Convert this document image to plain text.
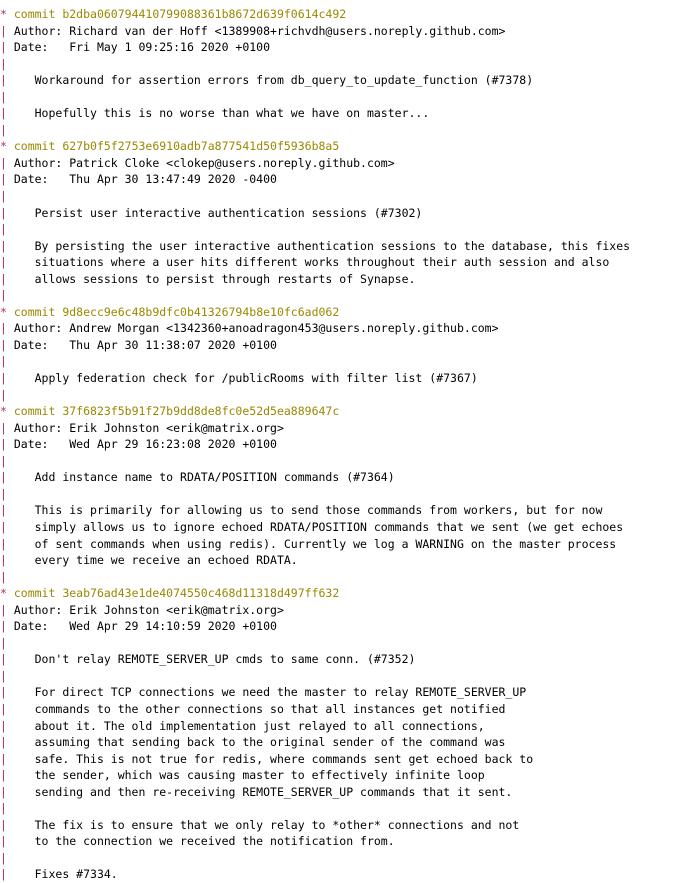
* commit b2dba060794410799088361b8672d639f0614c492
| Author: Richard van der Hoff <1389908+richvdh@users.noreply.github.com>
| Date:   Fri May 1 09:25:16 2020 +0100
|
|    Workaround for assertion errors from db_query_to_update_function (#7378)
|
|    Hopefully this is no worse than what we have on master...
|
* commit 627b0f5f2753e6910adb7a877541d50f5936b8a5
| Author: Patrick Cloke <clokep@users.noreply.github.com>
| Date:   Thu Apr 30 13:47:49 2020 -0400
|
|    Persist user interactive authentication sessions (#7302)
|
|    By persisting the user interactive authentication sessions to the database, this fixes
|    situations where a user hits different works throughout their auth session and also
|    allows sessions to persist through restarts of Synapse.
|
* commit 9d8ecc9e6c48b9dfc0b41326794b8e10fc6ad062
| Author: Andrew Morgan <1342360+anoadragon453@users.noreply.github.com>
| Date:   Thu Apr 30 11:38:07 2020 +0100
|
|    Apply federation check for /publicRooms with filter list (#7367)
|
* commit 37f6823f5b91f27b9dd8de8fc0e52d5ea889647c
| Author: Erik Johnston <erik@matrix.org>
| Date:   Wed Apr 29 16:23:08 2020 +0100
|
|    Add instance name to RDATA/POSITION commands (#7364)
|
|    This is primarily for allowing us to send those commands from workers, but for now
|    simply allows us to ignore echoed RDATA/POSITION commands that we sent (we get echoes
|    of sent commands when using redis). Currently we log a WARNING on the master process
|    every time we receive an echoed RDATA.
|
* commit 3eab76ad43e1de4074550c468d11318d497ff632
| Author: Erik Johnston <erik@matrix.org>
| Date:   Wed Apr 29 14:10:59 2020 +0100
|
|    Don't relay REMOTE_SERVER_UP cmds to same conn. (#7352)
|
|    For direct TCP connections we need the master to relay REMOTE_SERVER_UP
|    commands to the other connections so that all instances get notified
|    about it. The old implementation just relayed to all connections,
|    assuming that sending back to the original sender of the command was
|    safe. This is not true for redis, where commands sent get echoed back to
|    the sender, which was causing master to effectively infinite loop
|    sending and then re-receiving REMOTE_SERVER_UP commands that it sent.
|
|    The fix is to ensure that we only relay to *other* connections and not
|    to the connection we received the notification from.
|
|    Fixes #7334.
